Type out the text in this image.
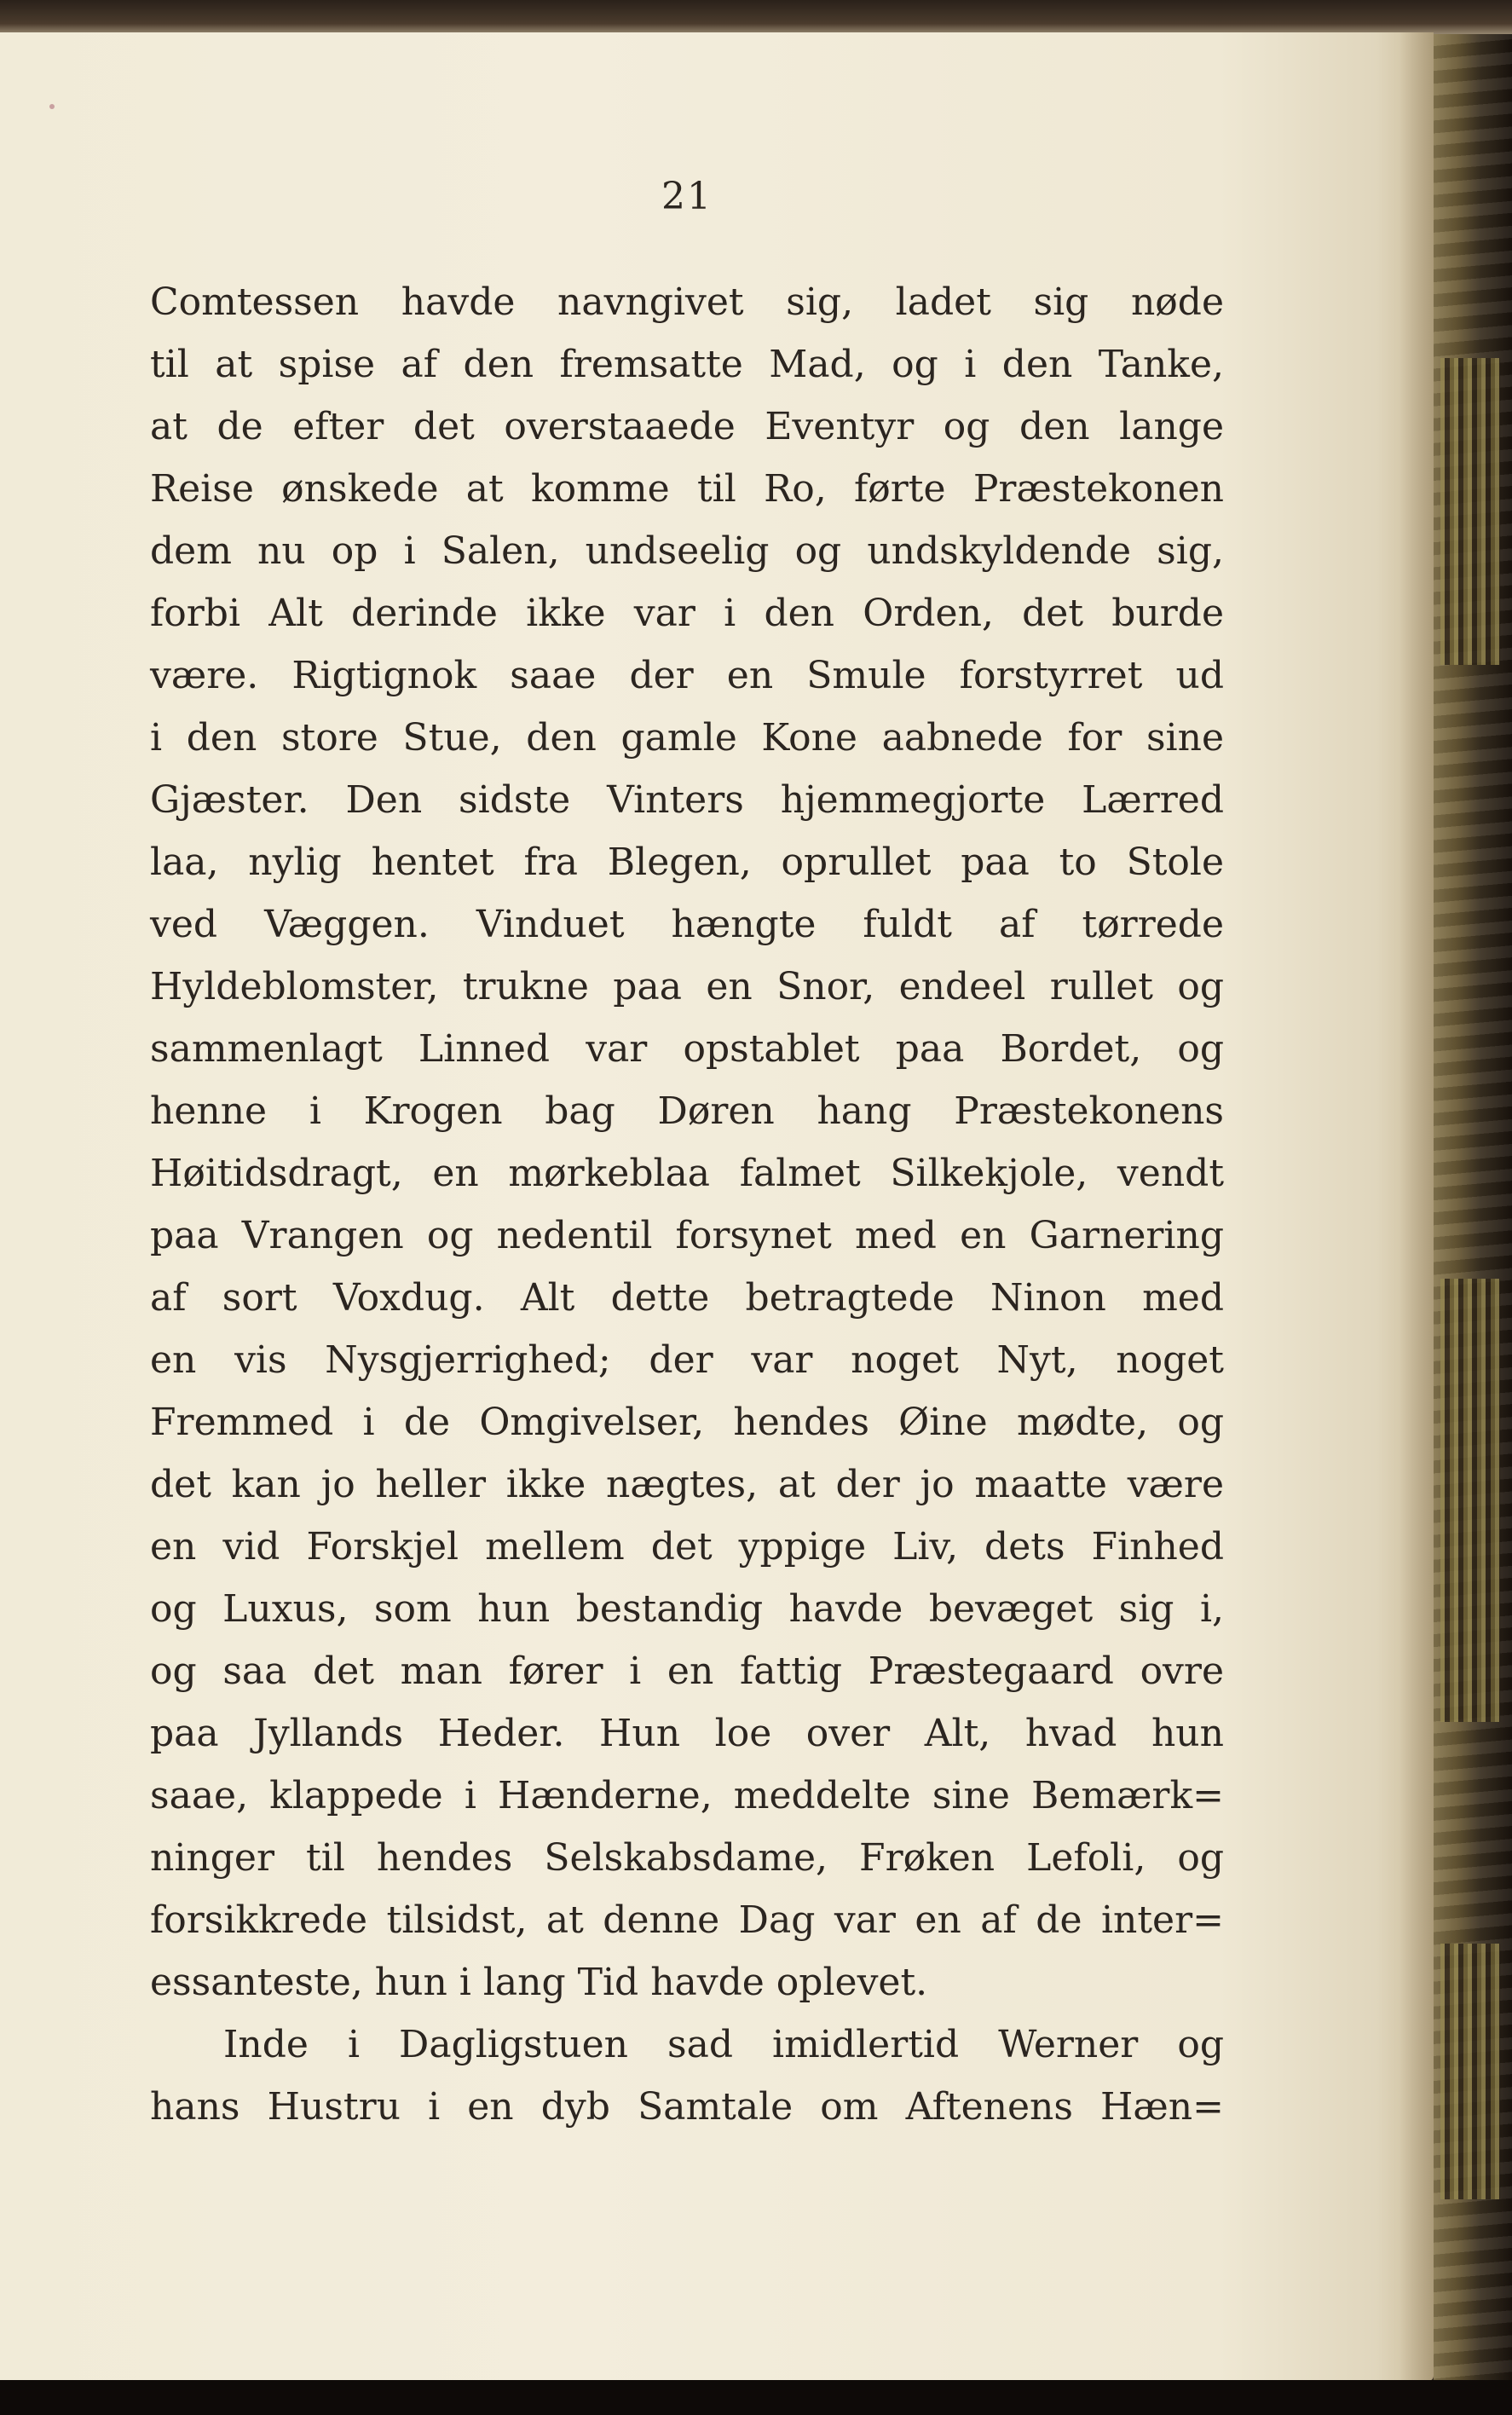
21
Comtessen havde navngivet sig, ladet sig nøde
til at spise af den fremsatte Mad, og i den Tanke,
at de efter det overstaaede Eventyr og den lange
Reise ønskede at komme til Ro, førte Præstekonen
dem nu op i Salen, undseelig og undskyldende sig,
forbi Alt derinde ikke var i den Orden, det burde
være. Rigtignok saae der en Smule forstyrret ud
i den store Stue, den gamle Kone aabnede for sine
Gjæster. Den sidste Vinters hjemmegjorte Lærred
laa, nylig hentet fra Blegen, oprullet paa to Stole
ved Væggen. Vinduet hængte fuldt af tørrede
Hyldeblomster, trukne paa en Snor, endeel rullet og
sammenlagt Linned var opstablet paa Bordet, og
henne i Krogen bag Døren hang Præstekonens
Høitidsdragt, en mørkeblaa falmet Silkekjole, vendt
paa Vrangen og nedentil forsynet med en Garnering
af sort Voxdug. Alt dette betragtede Ninon med
en vis Nysgjerrighed; der var noget Nyt, noget
Fremmed i de Omgivelser, hendes Øine mødte, og
det kan jo heller ikke nægtes, at der jo maatte være
en vid Forskjel mellem det yppige Liv, dets Finhed
og Luxus, som hun bestandig havde bevæget sig i,
og saa det man fører i en fattig Præstegaard ovre
paa Jyllands Heder. Hun loe over Alt, hvad hun
saae, klappede i Hænderne, meddelte sine Bemærk=
ninger til hendes Selskabsdame, Frøken Lefoli, og
forsikkrede tilsidst, at denne Dag var en af de inter=
essanteste, hun i lang Tid havde oplevet.
Inde i Dagligstuen sad imidlertid Werner og
hans Hustru i en dyb Samtale om Aftenens Hæn=
